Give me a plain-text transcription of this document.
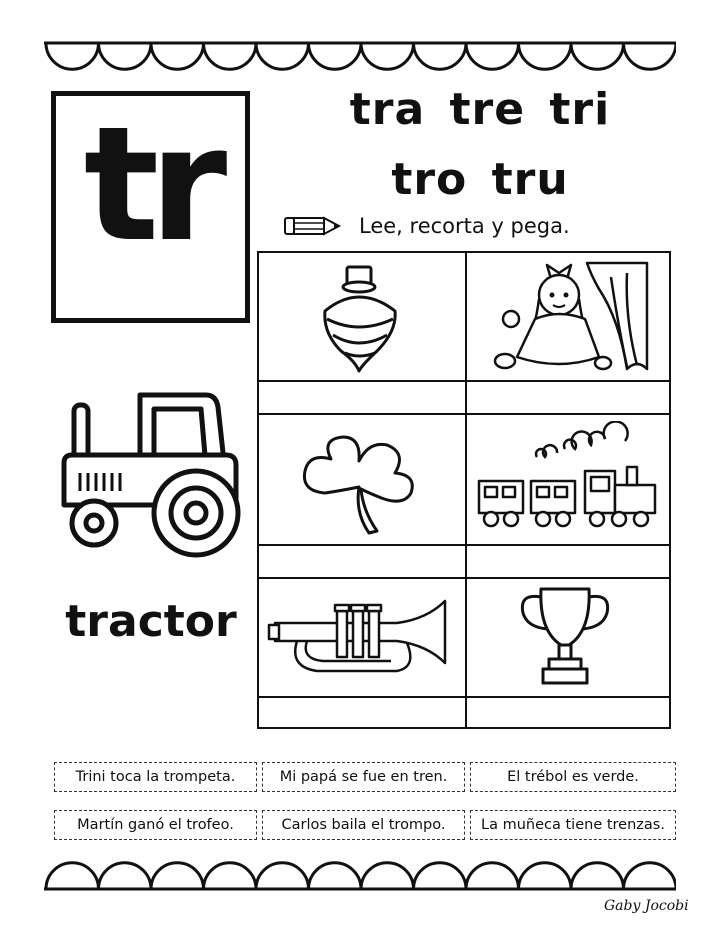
tr	tra tre tri
tro tru
Lee, recorta y pega.
tractor
Trini toca la trompeta.	Mi papá se fue en tren.	El trébol es verde.
Martín ganó el trofeo.	Carlos baila el trompo.	La muñeca tiene trenzas.
Gaby Jocobi
